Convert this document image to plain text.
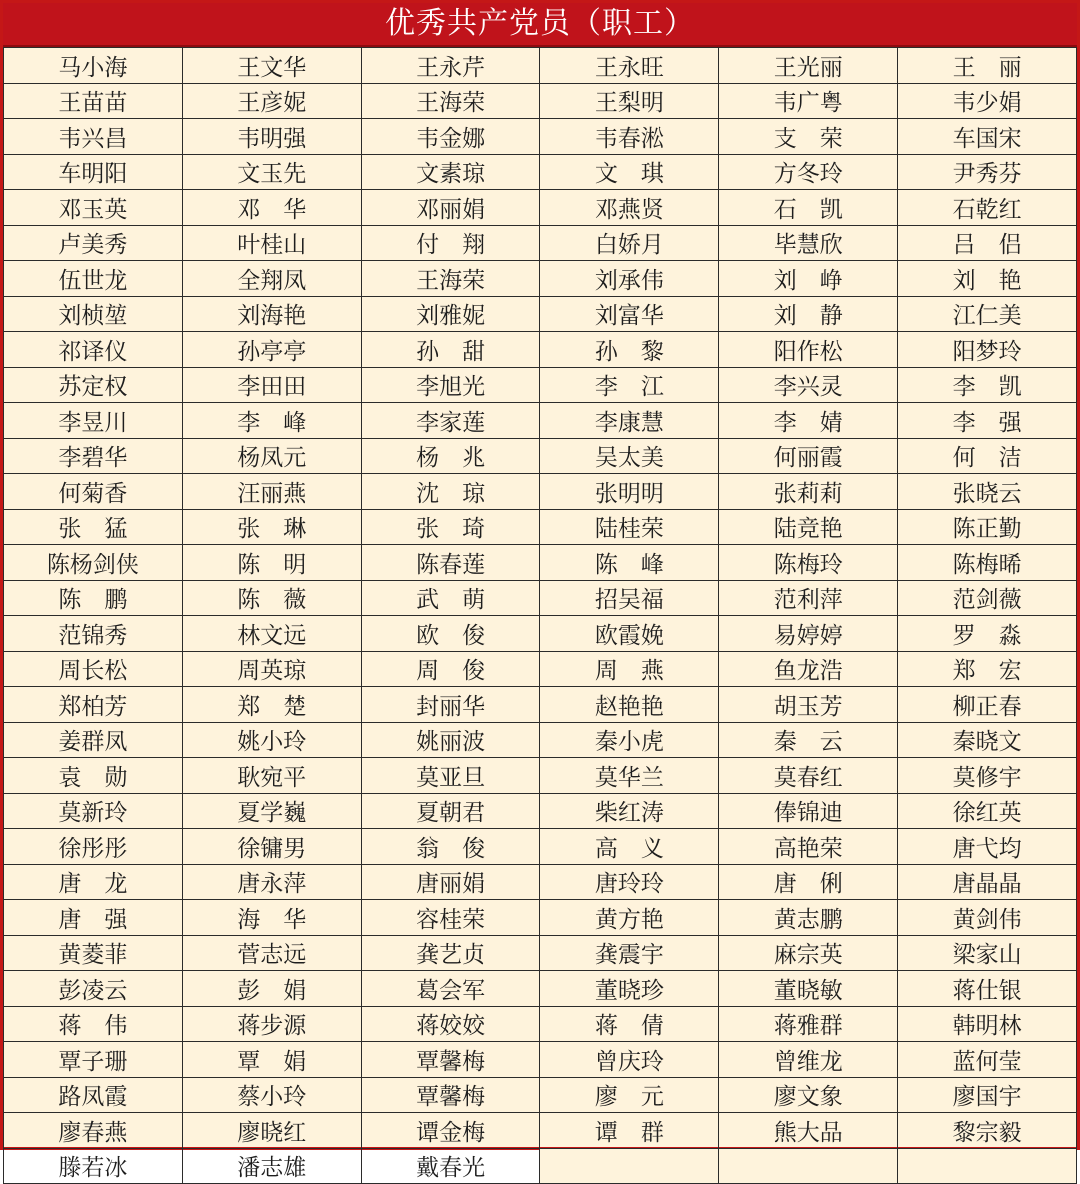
优秀共产党员（职工）
马小海	王文华	王永芹	王永旺	王光丽	王　丽
王苗苗	王彦妮	王海荣	王梨明	韦广粤	韦少娟
韦兴昌	韦明强	韦金娜	韦春淞	支　荣	车国宋
车明阳	文玉先	文素琼	文　琪	方冬玲	尹秀芬
邓玉英	邓　华	邓丽娟	邓燕贤	石　凯	石乾红
卢美秀	叶桂山	付　翔	白娇月	毕慧欣	吕　侣
伍世龙	全翔凤	王海荣	刘承伟	刘　峥	刘　艳
刘桢堃	刘海艳	刘雅妮	刘富华	刘　静	江仁美
祁译仪	孙亭亭	孙　甜	孙　黎	阳作松	阳梦玲
苏定权	李田田	李旭光	李　江	李兴灵	李　凯
李昱川	李　峰	李家莲	李康慧	李　婧	李　强
李碧华	杨凤元	杨　兆	吴太美	何丽霞	何　洁
何菊香	汪丽燕	沈　琼	张明明	张莉莉	张晓云
张　猛	张　琳	张　琦	陆桂荣	陆竞艳	陈正勤
陈杨剑侠	陈　明	陈春莲	陈　峰	陈梅玲	陈梅晞
陈　鹏	陈　薇	武　萌	招吴福	范利萍	范剑薇
范锦秀	林文远	欧　俊	欧霞娩	易婷婷	罗　淼
周长松	周英琼	周　俊	周　燕	鱼龙浩	郑　宏
郑柏芳	郑　楚	封丽华	赵艳艳	胡玉芳	柳正春
姜群凤	姚小玲	姚丽波	秦小虎	秦　云	秦晓文
袁　勋	耿宛平	莫亚旦	莫华兰	莫春红	莫修宇
莫新玲	夏学巍	夏朝君	柴红涛	俸锦迪	徐红英
徐彤彤	徐镛男	翁　俊	高　义	高艳荣	唐弋均
唐　龙	唐永萍	唐丽娟	唐玲玲	唐　俐	唐晶晶
唐　强	海　华	容桂荣	黄方艳	黄志鹏	黄剑伟
黄菱菲	菅志远	龚艺贞	龚震宇	麻宗英	梁家山
彭凌云	彭　娟	葛会军	董晓珍	董晓敏	蒋仕银
蒋　伟	蒋步源	蒋姣姣	蒋　倩	蒋雅群	韩明林
覃子珊	覃　娟	覃馨梅	曾庆玲	曾维龙	蓝何莹
路凤霞	蔡小玲	覃馨梅	廖　元	廖文象	廖国宇
廖春燕	廖晓红	谭金梅	谭　群	熊大品	黎宗毅
滕若冰	潘志雄	戴春光			
